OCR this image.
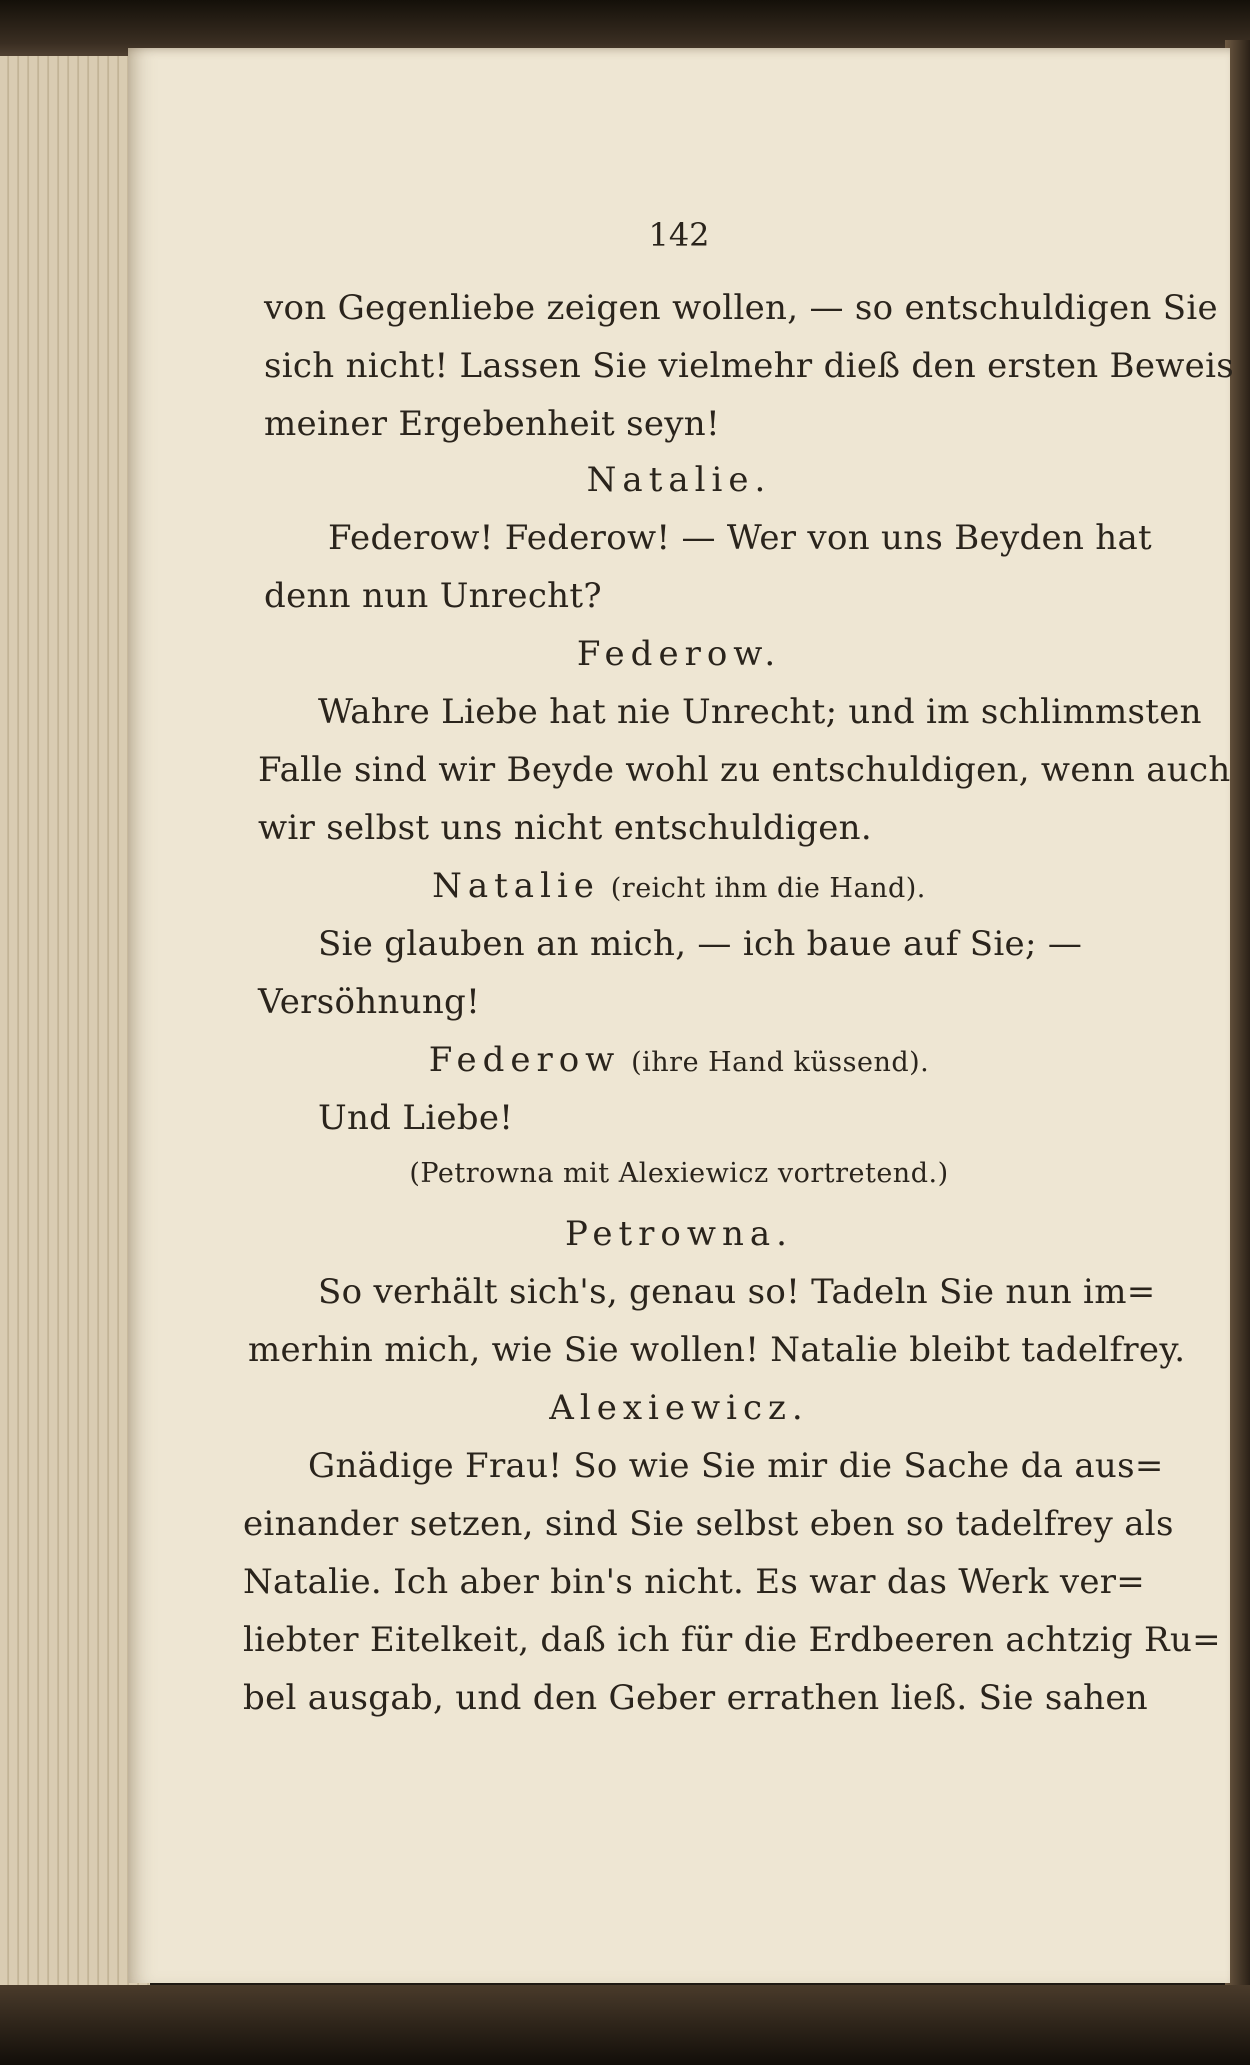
142
von Gegenliebe zeigen wollen, — so entschuldigen Sie
sich nicht! Lassen Sie vielmehr dieß den ersten Beweis
meiner Ergebenheit seyn!
Natalie.
Federow! Federow! — Wer von uns Beyden hat
denn nun Unrecht?
Federow.
Wahre Liebe hat nie Unrecht; und im schlimmsten
Falle sind wir Beyde wohl zu entschuldigen, wenn auch
wir selbst uns nicht entschuldigen.
Natalie (reicht ihm die Hand).
Sie glauben an mich, — ich baue auf Sie; —
Versöhnung!
Federow (ihre Hand küssend).
Und Liebe!
(Petrowna mit Alexiewicz vortretend.)
Petrowna.
So verhält sich's, genau so! Tadeln Sie nun im=
merhin mich, wie Sie wollen! Natalie bleibt tadelfrey.
Alexiewicz.
Gnädige Frau! So wie Sie mir die Sache da aus=
einander setzen, sind Sie selbst eben so tadelfrey als
Natalie. Ich aber bin's nicht. Es war das Werk ver=
liebter Eitelkeit, daß ich für die Erdbeeren achtzig Ru=
bel ausgab, und den Geber errathen ließ. Sie sahen
